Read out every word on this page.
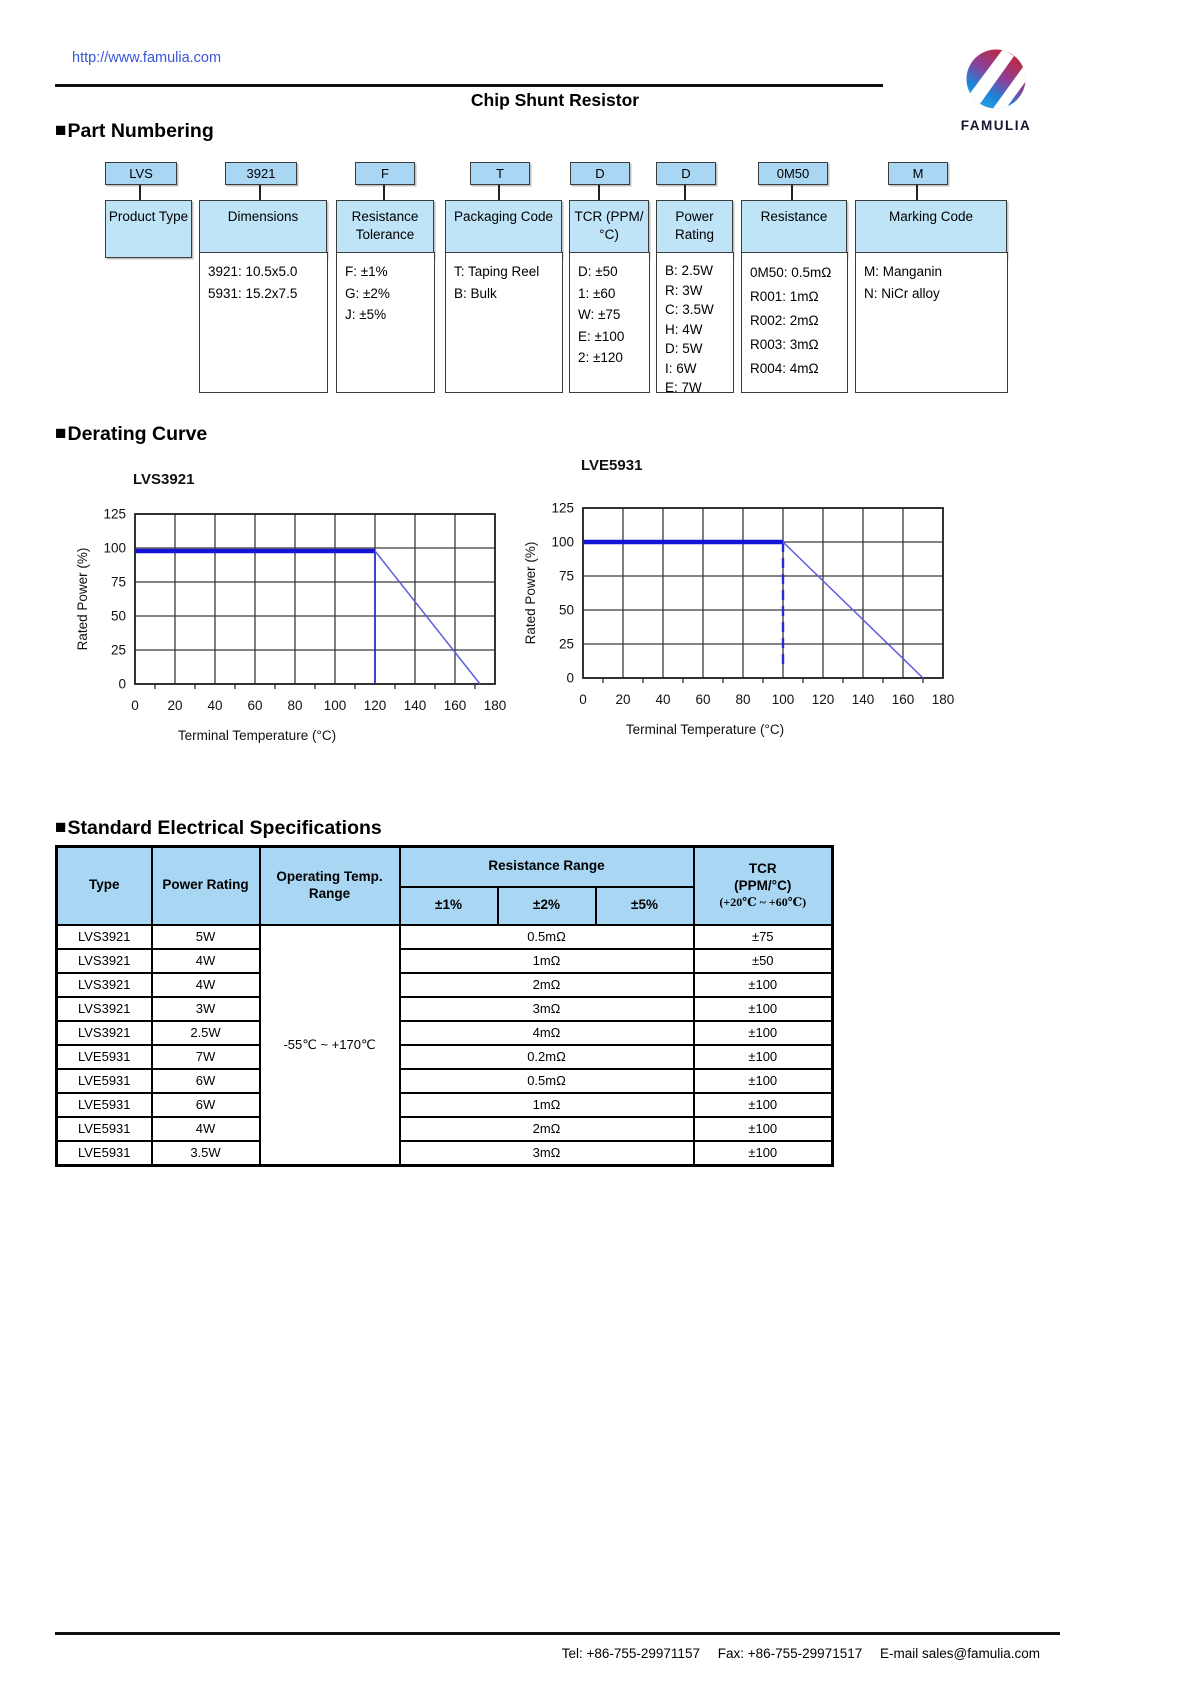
http://www.famulia.com
FAMULIA
Chip Shunt Resistor
■ Part Numbering
LVS
Product Type
3921
Dimensions
3921: 10.5x5.0
5931: 15.2x7.5
F
Resistance Tolerance
F: ±1%
G: ±2%
J: ±5%
T
Packaging Code
T: Taping Reel
B: Bulk
D
TCR (PPM/°C)
D: ±50
1: ±60
W: ±75
E: ±100
2: ±120
D
Power Rating
B: 2.5W
R: 3W
C: 3.5W
H: 4W
D: 5W
I: 6W
E: 7W
0M50
Resistance
0M50: 0.5mΩ
R001: 1mΩ
R002: 2mΩ
R003: 3mΩ
R004: 4mΩ
M
Marking Code
M: Manganin
N: NiCr alloy
■ Derating Curve
0 20 40 60 80 100 120 140 160 180
0
25
50
75
100
125
LVS3921
Rated Power (%)
Terminal Temperature (°C)
0 20 40 60 80 100 120 140 160 180
0
25
50
75
100
125
LVE5931
Rated Power (%)
Terminal Temperature (°C)
■ Standard Electrical Specifications
Type	Power Rating	Operating Temp. Range	Resistance Range			TCR
(PPM/°C)
(+20℃ ~ +60℃)

			±1%	±2%	±5%	
LVS3921	5W	-55℃ ~ +170℃	0.5mΩ			±75
LVS3921	4W		1mΩ			±50
LVS3921	4W		2mΩ			±100
LVS3921	3W		3mΩ			±100
LVS3921	2.5W		4mΩ			±100
LVE5931	7W		0.2mΩ			±100
LVE5931	6W		0.5mΩ			±100
LVE5931	6W		1mΩ			±100
LVE5931	4W		2mΩ			±100
LVE5931	3.5W		3mΩ			±100
Tel: +86-755-29971157 Fax: +86-755-29971517 E-mail sales@famulia.com
